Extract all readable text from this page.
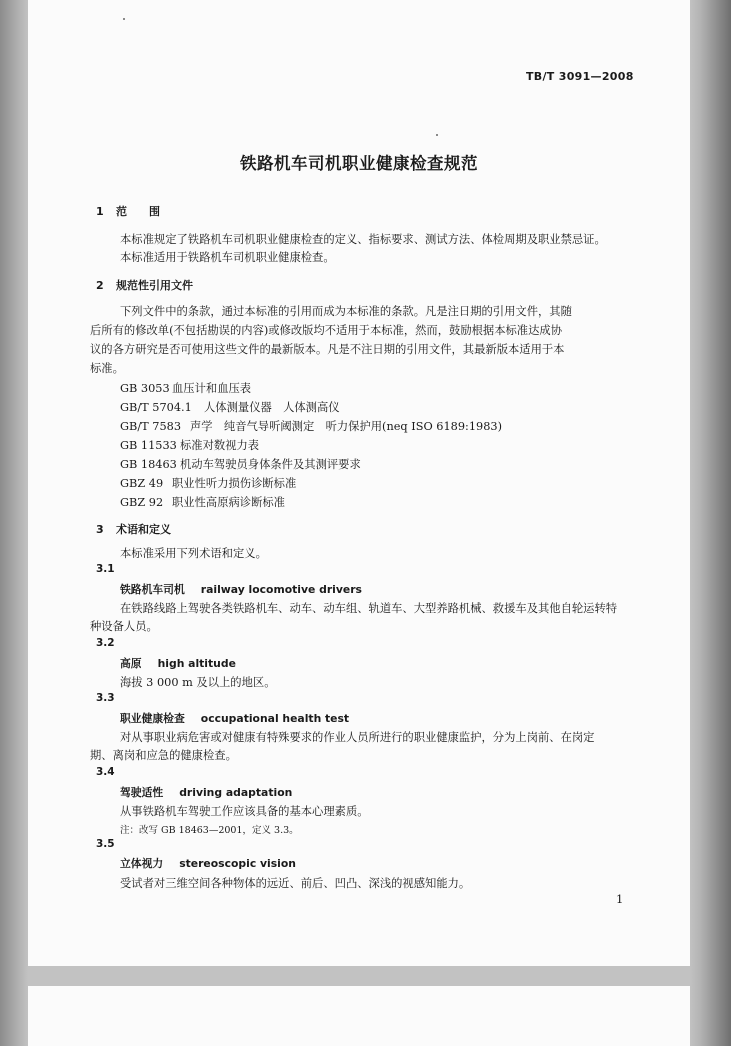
TB/T 3091—2008
铁路机车司机职业健康检查规范
1 范　　围
本标准规定了铁路机车司机职业健康检查的定义、指标要求、测试方法、体检周期及职业禁忌证。
本标准适用于铁路机车司机职业健康检查。
2 规范性引用文件
下列文件中的条款，通过本标准的引用而成为本标准的条款。凡是注日期的引用文件，其随
后所有的修改单(不包括勘误的内容)或修改版均不适用于本标准，然而，鼓励根据本标准达成协
议的各方研究是否可使用这些文件的最新版本。凡是不注日期的引用文件，其最新版本适用于本
标准。
GB 3053 血压计和血压表
GB/T 5704.1 人体测量仪器　人体测高仪
GB/T 7583 声学　纯音气导听阈测定　听力保护用(neq ISO 6189:1983)
GB 11533 标准对数视力表
GB 18463 机动车驾驶员身体条件及其测评要求
GBZ 49 职业性听力损伤诊断标准
GBZ 92 职业性高原病诊断标准
3 术语和定义
本标准采用下列术语和定义。
3.1
铁路机车司机 railway locomotive drivers
在铁路线路上驾驶各类铁路机车、动车、动车组、轨道车、大型养路机械、救援车及其他自轮运转特
种设备人员。
3.2
高原 high altitude
海拔 3 000 m 及以上的地区。
3.3
职业健康检查 occupational health test
对从事职业病危害或对健康有特殊要求的作业人员所进行的职业健康监护，分为上岗前、在岗定
期、离岗和应急的健康检查。
3.4
驾驶适性 driving adaptation
从事铁路机车驾驶工作应该具备的基本心理素质。
注：改写 GB 18463—2001，定义 3.3。
3.5
立体视力 stereoscopic vision
受试者对三维空间各种物体的远近、前后、凹凸、深浅的视感知能力。
1
